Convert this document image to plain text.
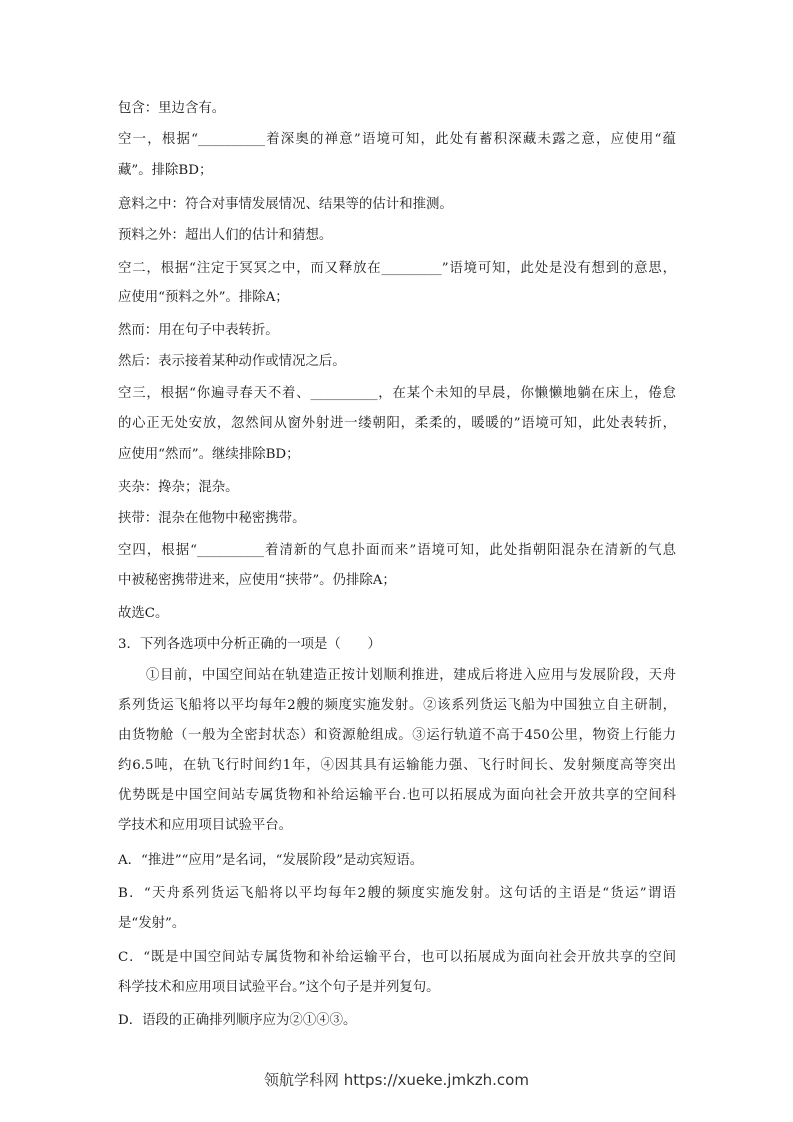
包含：里边含有。
空一，根据“__________着深奥的禅意”语境可知，此处有蓄积深藏未露之意，应使用“蕴
藏”。排除BD；
意料之中：符合对事情发展情况、结果等的估计和推测。
预料之外：超出人们的估计和猜想。
空二，根据“注定于冥冥之中，而又释放在_________”语境可知，此处是没有想到的意思，
应使用“预料之外”。排除A；
然而：用在句子中表转折。
然后：表示接着某种动作或情况之后。
空三，根据“你遍寻春天不着、__________，在某个未知的早晨，你懒懒地躺在床上，倦怠
的心正无处安放，忽然间从窗外射进一缕朝阳，柔柔的，暖暖的”语境可知，此处表转折，
应使用“然而”。继续排除BD；
夹杂：搀杂；混杂。
挟带：混杂在他物中秘密携带。
空四，根据“__________着清新的气息扑面而来”语境可知，此处指朝阳混杂在清新的气息
中被秘密携带进来，应使用“挟带”。仍排除A；
故选C。
3．下列各选项中分析正确的一项是（　　）
①目前，中国空间站在轨建造正按计划顺利推进，建成后将进入应用与发展阶段，天舟
系列货运飞船将以平均每年2艘的频度实施发射。②该系列货运飞船为中国独立自主研制，
由货物舱（一般为全密封状态）和资源舱组成。③运行轨道不高于450公里，物资上行能力
约6.5吨，在轨飞行时间约1年，④因其具有运输能力强、飞行时间长、发射频度高等突出
优势既是中国空间站专属货物和补给运输平台.也可以拓展成为面向社会开放共享的空间科
学技术和应用项目试验平台。
A．“推进”“应用”是名词，“发展阶段”是动宾短语。
B．“天舟系列货运飞船将以平均每年2艘的频度实施发射。这句话的主语是“货运”谓语
是“发射”。
C．“既是中国空间站专属货物和补给运输平台，也可以拓展成为面向社会开放共享的空间
科学技术和应用项目试验平台。”这个句子是并列复句。
D．语段的正确排列顺序应为②①④③。
领航学科网 https://xueke.jmkzh.com
